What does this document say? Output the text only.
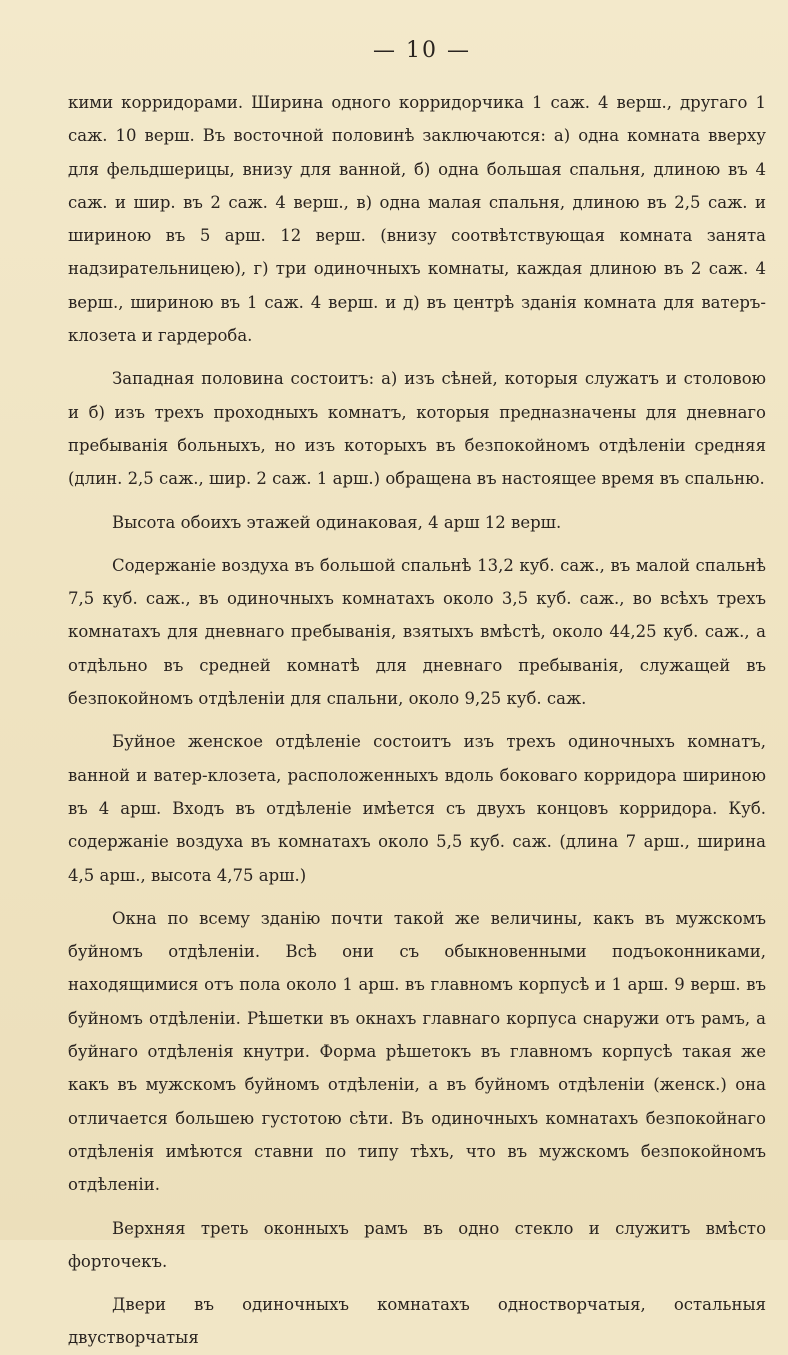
— 10 —

кими корридорами. Ширина одного корридорчика 1 саж. 4 верш., другаго 1 саж. 10 верш. Въ восточной половинѣ заключаются: а) одна комната вверху для фельдшерицы, внизу для ванной, б) одна большая спальня, длиною въ 4 саж. и шир. въ 2 саж. 4 верш., в) одна малая спальня, длиною въ 2,5 саж. и шириною въ 5 арш. 12 верш. (внизу соотвѣтствующая комната занята надзирательницею), г) три одиночныхъ комнаты, каждая длиною въ 2 саж. 4 верш., шириною въ 1 саж. 4 верш. и д) въ центрѣ зданія комната для ватеръ-клозета и гардероба.

Западная половина состоитъ: а) изъ сѣней, которыя служатъ и столовою и б) изъ трехъ проходныхъ комнатъ, которыя предназначены для дневнаго пребыванія больныхъ, но изъ которыхъ въ безпокойномъ отдѣленіи средняя (длин. 2,5 саж., шир. 2 саж. 1 арш.) обращена въ настоящее время въ спальню.

Высота обоихъ этажей одинаковая, 4 арш 12 верш.

Содержаніе воздуха въ большой спальнѣ 13,2 куб. саж., въ малой спальнѣ 7,5 куб. саж., въ одиночныхъ комнатахъ около 3,5 куб. саж., во всѣхъ трехъ комнатахъ для дневнаго пребыванія, взятыхъ вмѣстѣ, около 44,25 куб. саж., а отдѣльно въ средней комнатѣ для дневнаго пребыванія, служащей въ безпокойномъ отдѣленіи для спальни, около 9,25 куб. саж.

Буйное женское отдѣленіе состоитъ изъ трехъ одиночныхъ комнатъ, ванной и ватер-клозета, расположенныхъ вдоль боковаго корридора шириною въ 4 арш. Входъ въ отдѣленіе имѣется съ двухъ концовъ корридора. Куб. содержаніе воздуха въ комнатахъ около 5,5 куб. саж. (длина 7 арш., ширина 4,5 арш., высота 4,75 арш.)

Окна по всему зданію почти такой же величины, какъ въ мужскомъ буйномъ отдѣленіи. Всѣ они съ обыкновенными подъоконниками, находящимися отъ пола около 1 арш. въ главномъ корпусѣ и 1 арш. 9 верш. въ буйномъ отдѣленіи. Рѣшетки въ окнахъ главнаго корпуса снаружи отъ рамъ, а буйнаго отдѣленія кнутри. Форма рѣшетокъ въ главномъ корпусѣ такая же какъ въ мужскомъ буйномъ отдѣленіи, а въ буйномъ отдѣленіи (женск.) она отличается большею густотою сѣти. Въ одиночныхъ комнатахъ безпокойнаго отдѣленія имѣются ставни по типу тѣхъ, что въ мужскомъ безпокойномъ отдѣленіи.

Верхняя треть оконныхъ рамъ въ одно стекло и служитъ вмѣсто форточекъ.

Двери въ одиночныхъ комнатахъ одностворчатыя, остальныя двустворчатыя
